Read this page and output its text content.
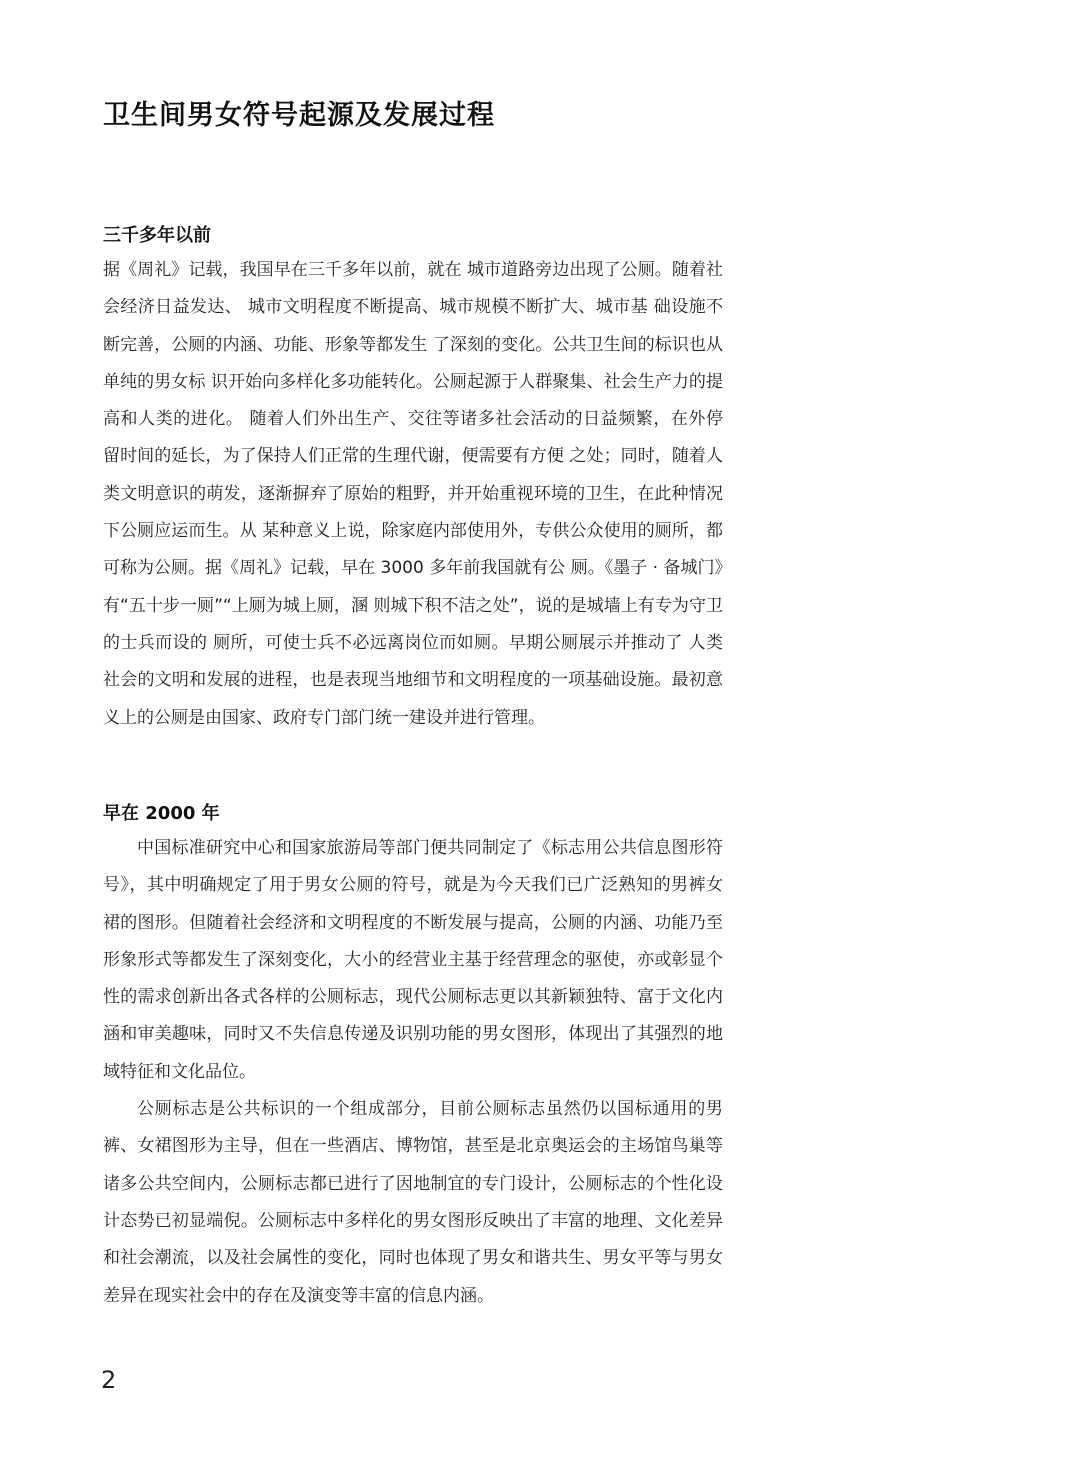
卫生间男女符号起源及发展过程
三千多年以前

据《周礼》记载，我国早在三千多年以前，就在 城市道路旁边出现了公厕。随着社会经济日益发达、 城市文明程度不断提高、城市规模不断扩大、城市基 础设施不断完善，公厕的内涵、功能、形象等都发生 了深刻的变化。公共卫生间的标识也从单纯的男女标 识开始向多样化多功能转化。公厕起源于人群聚集、社会生产力的提高和人类的进化。 随着人们外出生产、交往等诸多社会活动的日益频繁，在外停 留时间的延长，为了保持人们正常的生理代谢，便需要有方便 之处；同时，随着人类文明意识的萌发，逐渐摒弃了原始的粗野，并开始重视环境的卫生，在此种情况下公厕应运而生。从 某种意义上说，除家庭内部使用外，专供公众使用的厕所，都 可称为公厕。据《周礼》记载，早在 3000 多年前我国就有公 厕。《墨子 · 备城门》有“五十步一厕”“上厕为城上厕，溷 则城下积不洁之处”，说的是城墙上有专为守卫的士兵而设的 厕所，可使士兵不必远离岗位而如厕。早期公厕展示并推动了 人类社会的文明和发展的进程，也是表现当地细节和文明程度的一项基础设施。最初意义上的公厕是由国家、政府专门部门统一建设并进行管理。

早在 2000 年

中国标准研究中心和国家旅游局等部门便共同制定了《标志用公共信息图形符号》，其中明确规定了用于男女公厕的符号，就是为今天我们已广泛熟知的男裤女裙的图形。但随着社会经济和文明程度的不断发展与提高，公厕的内涵、功能乃至形象形式等都发生了深刻变化，大小的经营业主基于经营理念的驱使，亦或彰显个性的需求创新出各式各样的公厕标志，现代公厕标志更以其新颖独特、富于文化内涵和审美趣味，同时又不失信息传递及识别功能的男女图形，体现出了其强烈的地域特征和文化品位。

公厕标志是公共标识的一个组成部分，目前公厕标志虽然仍以国标通用的男裤、女裙图形为主导，但在一些酒店、博物馆，甚至是北京奥运会的主场馆鸟巢等诸多公共空间内，公厕标志都已进行了因地制宜的专门设计，公厕标志的个性化设计态势已初显端倪。公厕标志中多样化的男女图形反映出了丰富的地理、文化差异和社会潮流，以及社会属性的变化，同时也体现了男女和谐共生、男女平等与男女差异在现实社会中的存在及演变等丰富的信息内涵。

2
